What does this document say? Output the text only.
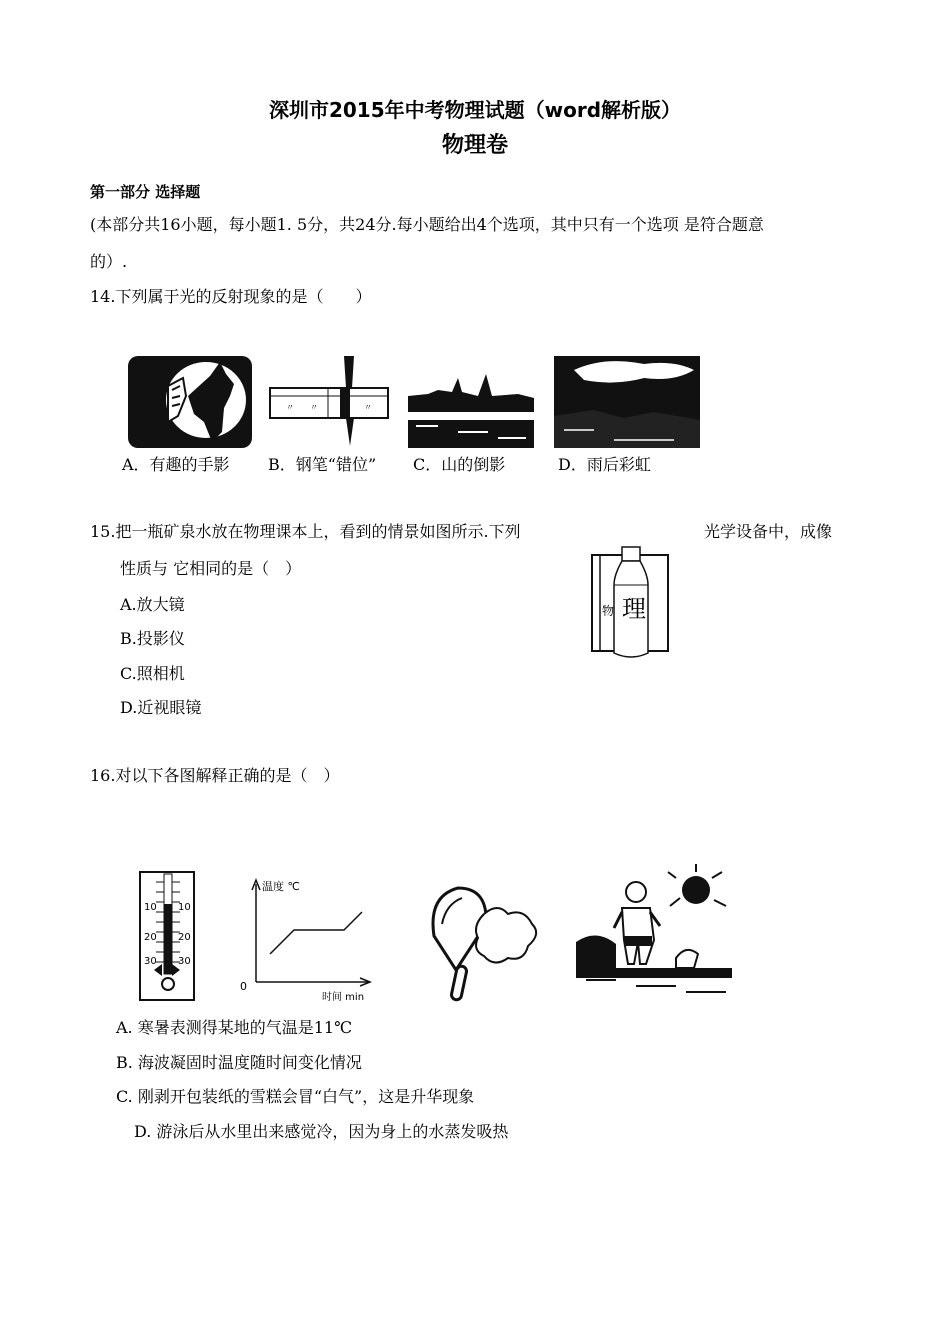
深圳市2015年中考物理试题（word解析版）
物理卷
第一部分 选择题
(本部分共16小题，每小题1. 5分，共24分.每小题给出4个选项，其中只有一个选项 是符合题意
的）.
14.下列属于光的反射现象的是（　　）
〃 〃	〃
A．有趣的手影 B．钢笔“错位” C．山的倒影	D．雨后彩虹
15.把一瓶矿泉水放在物理课本上，看到的情景如图所示.下列	光学设备中，成像
性质与 它相同的是（　）
物 理
A.放大镜
B.投影仪
C.照相机
D.近视眼镜
16.对以下各图解释正确的是（　）
10
20
30
10
20
30
温度 ℃
0
时间 min
A. 寒暑表测得某地的气温是11℃
B. 海波凝固时温度随时间变化情况
C. 刚剥开包装纸的雪糕会冒“白气”，这是升华现象
D. 游泳后从水里出来感觉冷，因为身上的水蒸发吸热
